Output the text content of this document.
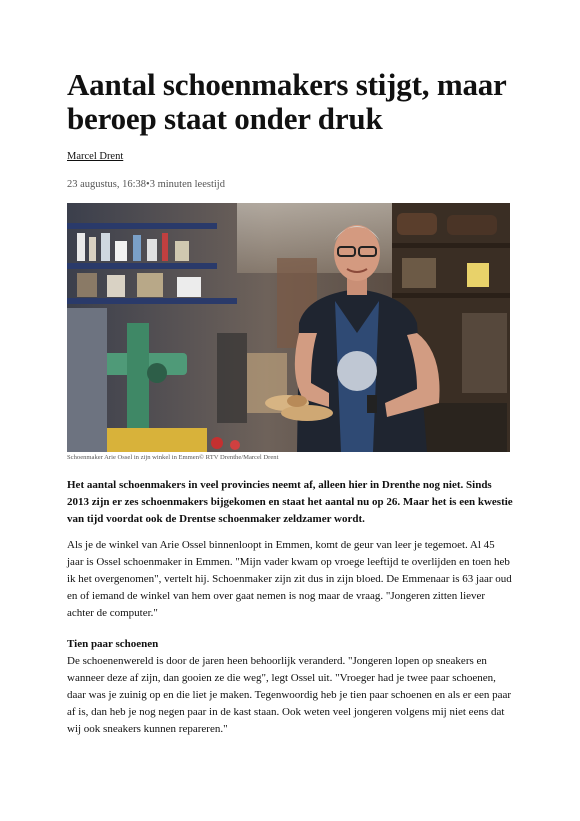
Aantal schoenmakers stijgt, maar beroep staat onder druk
Marcel Drent
23 augustus, 16:38•3 minuten leestijd
Schoenmaker Arie Ossel in zijn winkel in Emmen© RTV Drenthe/Marcel Drent
Het aantal schoenmakers in veel provincies neemt af, alleen hier in Drenthe nog niet. Sinds 2013 zijn er zes schoenmakers bijgekomen en staat het aantal nu op 26. Maar het is een kwestie van tijd voordat ook de Drentse schoenmaker zeldzamer wordt.

Als je de winkel van Arie Ossel binnenloopt in Emmen, komt de geur van leer je tegemoet. Al 45 jaar is Ossel schoenmaker in Emmen. "Mijn vader kwam op vroege leeftijd te overlijden en toen heb ik het overgenomen", vertelt hij. Schoenmaker zijn zit dus in zijn bloed. De Emmenaar is 63 jaar oud en of iemand de winkel van hem over gaat nemen is nog maar de vraag. "Jongeren zitten liever achter de computer."

Tien paar schoenen

De schoenenwereld is door de jaren heen behoorlijk veranderd. "Jongeren lopen op sneakers en wanneer deze af zijn, dan gooien ze die weg", legt Ossel uit. "Vroeger had je twee paar schoenen, daar was je zuinig op en die liet je maken. Tegenwoordig heb je tien paar schoenen en als er een paar af is, dan heb je nog negen paar in de kast staan. Ook weten veel jongeren volgens mij niet eens dat wij ook sneakers kunnen repareren."
